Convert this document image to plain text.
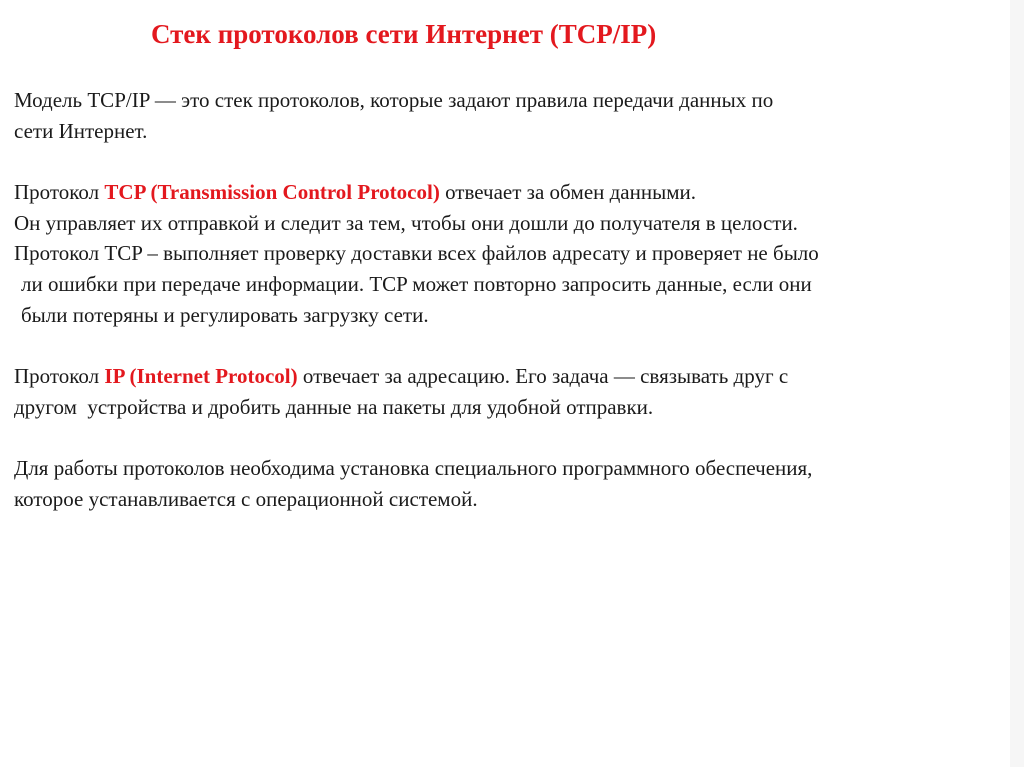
Стек протоколов сети Интернет (TCP/IP)
Модель TCP/IP — это стек протоколов, которые задают правила передачи данных по
сети Интернет.
Протокол TCP (Transmission Control Protocol) отвечает за обмен данными.
Он управляет их отправкой и следит за тем, чтобы они дошли до получателя в целости.
Протокол TCP – выполняет проверку доставки всех файлов адресату и проверяет не было
ли ошибки при передаче информации. TCP может повторно запросить данные, если они
были потеряны и регулировать загрузку сети.
Протокол IP (Internet Protocol) отвечает за адресацию. Его задача — связывать друг с
другом  устройства и дробить данные на пакеты для удобной отправки.
Для работы протоколов необходима установка специального программного обеспечения,
которое устанавливается с операционной системой.
